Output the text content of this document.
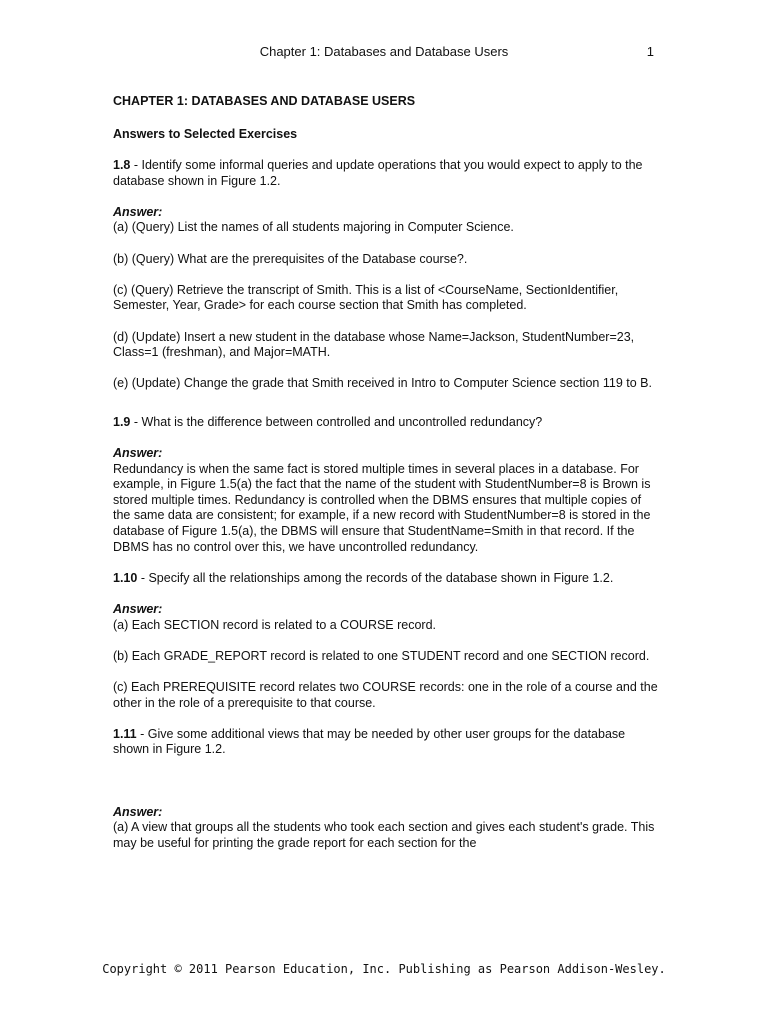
Chapter 1: Databases and Database Users	1
CHAPTER 1: DATABASES AND DATABASE USERS
Answers to Selected Exercises

1.8 - Identify some informal queries and update operations that you would expect to apply to the database shown in Figure 1.2.

Answer:
(a) (Query) List the names of all students majoring in Computer Science.

(b) (Query) What are the prerequisites of the Database course?.

(c) (Query) Retrieve the transcript of Smith. This is a list of <CourseName, SectionIdentifier, Semester, Year, Grade> for each course section that Smith has completed.

(d) (Update) Insert a new student in the database whose Name=Jackson, StudentNumber=23, Class=1 (freshman), and Major=MATH.

(e) (Update) Change the grade that Smith received in Intro to Computer Science section 119 to B.

1.9 - What is the difference between controlled and uncontrolled redundancy?

Answer:
Redundancy is when the same fact is stored multiple times in several places in a database. For example, in Figure 1.5(a) the fact that the name of the student with StudentNumber=8 is Brown is stored multiple times. Redundancy is controlled when the DBMS ensures that multiple copies of the same data are consistent; for example, if a new record with StudentNumber=8 is stored in the database of Figure 1.5(a), the DBMS will ensure that StudentName=Smith in that record. If the DBMS has no control over this, we have uncontrolled redundancy.

1.10 - Specify all the relationships among the records of the database shown in Figure 1.2.

Answer:
(a) Each SECTION record is related to a COURSE record.

(b) Each GRADE_REPORT record is related to one STUDENT record and one SECTION record.

(c) Each PREREQUISITE record relates two COURSE records: one in the role of a course and the other in the role of a prerequisite to that course.

1.11 - Give some additional views that may be needed by other user groups for the database shown in Figure 1.2.

Answer:
(a) A view that groups all the students who took each section and gives each student's grade. This may be useful for printing the grade report for each section for the
Copyright © 2011 Pearson Education, Inc. Publishing as Pearson Addison-Wesley.
